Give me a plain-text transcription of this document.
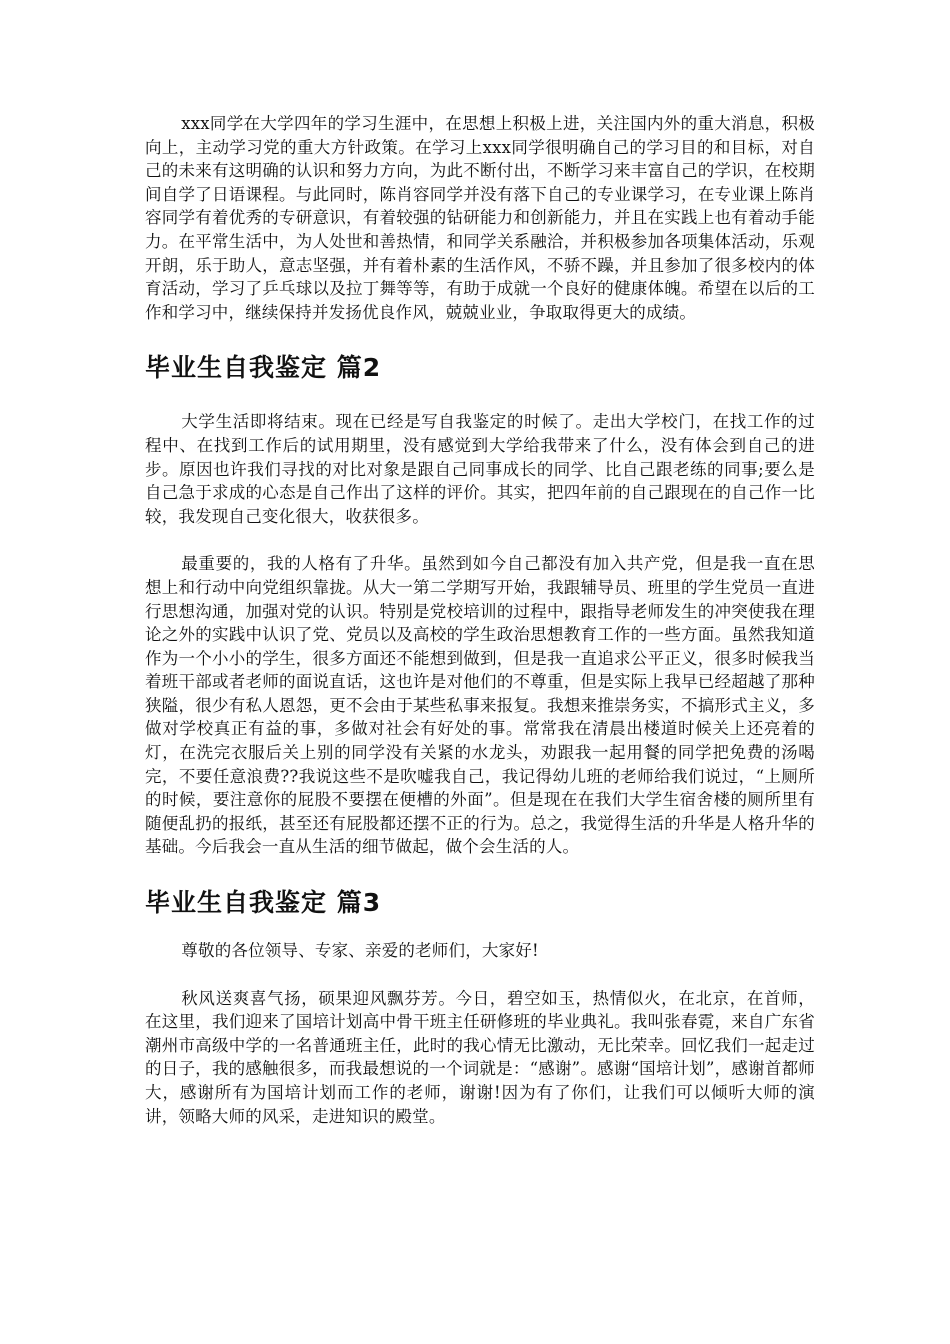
xxx同学在大学四年的学习生涯中，在思想上积极上进，关注国内外的重大消息，积极向上，主动学习党的重大方针政策。在学习上xxx同学很明确自己的学习目的和目标，对自己的未来有这明确的认识和努力方向，为此不断付出，不断学习来丰富自己的学识，在校期间自学了日语课程。与此同时，陈肖容同学并没有落下自己的专业课学习，在专业课上陈肖容同学有着优秀的专研意识，有着较强的钻研能力和创新能力，并且在实践上也有着动手能力。在平常生活中，为人处世和善热情，和同学关系融洽，并积极参加各项集体活动，乐观开朗，乐于助人，意志坚强，并有着朴素的生活作风，不骄不躁，并且参加了很多校内的体育活动，学习了乒乓球以及拉丁舞等等，有助于成就一个良好的健康体魄。希望在以后的工作和学习中，继续保持并发扬优良作风，兢兢业业，争取取得更大的成绩。

毕业生自我鉴定 篇2

大学生活即将结束。现在已经是写自我鉴定的时候了。走出大学校门，在找工作的过程中、在找到工作后的试用期里，没有感觉到大学给我带来了什么，没有体会到自己的进步。原因也许我们寻找的对比对象是跟自己同事成长的同学、比自己跟老练的同事;要么是自己急于求成的心态是自己作出了这样的评价。其实，把四年前的自己跟现在的自己作一比较，我发现自己变化很大，收获很多。

最重要的，我的人格有了升华。虽然到如今自己都没有加入共产党，但是我一直在思想上和行动中向党组织靠拢。从大一第二学期写开始，我跟辅导员、班里的学生党员一直进行思想沟通，加强对党的认识。特别是党校培训的过程中，跟指导老师发生的冲突使我在理论之外的实践中认识了党、党员以及高校的学生政治思想教育工作的一些方面。虽然我知道作为一个小小的学生，很多方面还不能想到做到，但是我一直追求公平正义，很多时候我当着班干部或者老师的面说直话，这也许是对他们的不尊重，但是实际上我早已经超越了那种狭隘，很少有私人恩怨，更不会由于某些私事来报复。我想来推崇务实，不搞形式主义，多做对学校真正有益的事，多做对社会有好处的事。常常我在清晨出楼道时候关上还亮着的灯，在洗完衣服后关上别的同学没有关紧的水龙头，劝跟我一起用餐的同学把免费的汤喝完，不要任意浪费??我说这些不是吹嘘我自己，我记得幼儿班的老师给我们说过，“上厕所的时候，要注意你的屁股不要摆在便槽的外面”。但是现在在我们大学生宿舍楼的厕所里有随便乱扔的报纸，甚至还有屁股都还摆不正的行为。总之，我觉得生活的升华是人格升华的基础。今后我会一直从生活的细节做起，做个会生活的人。

毕业生自我鉴定 篇3

尊敬的各位领导、专家、亲爱的老师们，大家好!

秋风送爽喜气扬，硕果迎风飘芬芳。今日，碧空如玉，热情似火，在北京，在首师，在这里，我们迎来了国培计划高中骨干班主任研修班的毕业典礼。我叫张春霓，来自广东省潮州市高级中学的一名普通班主任，此时的我心情无比激动，无比荣幸。回忆我们一起走过的日子，我的感触很多，而我最想说的一个词就是：“感谢”。感谢“国培计划”，感谢首都师大，感谢所有为国培计划而工作的老师，谢谢!因为有了你们，让我们可以倾听大师的演讲，领略大师的风采，走进知识的殿堂。
